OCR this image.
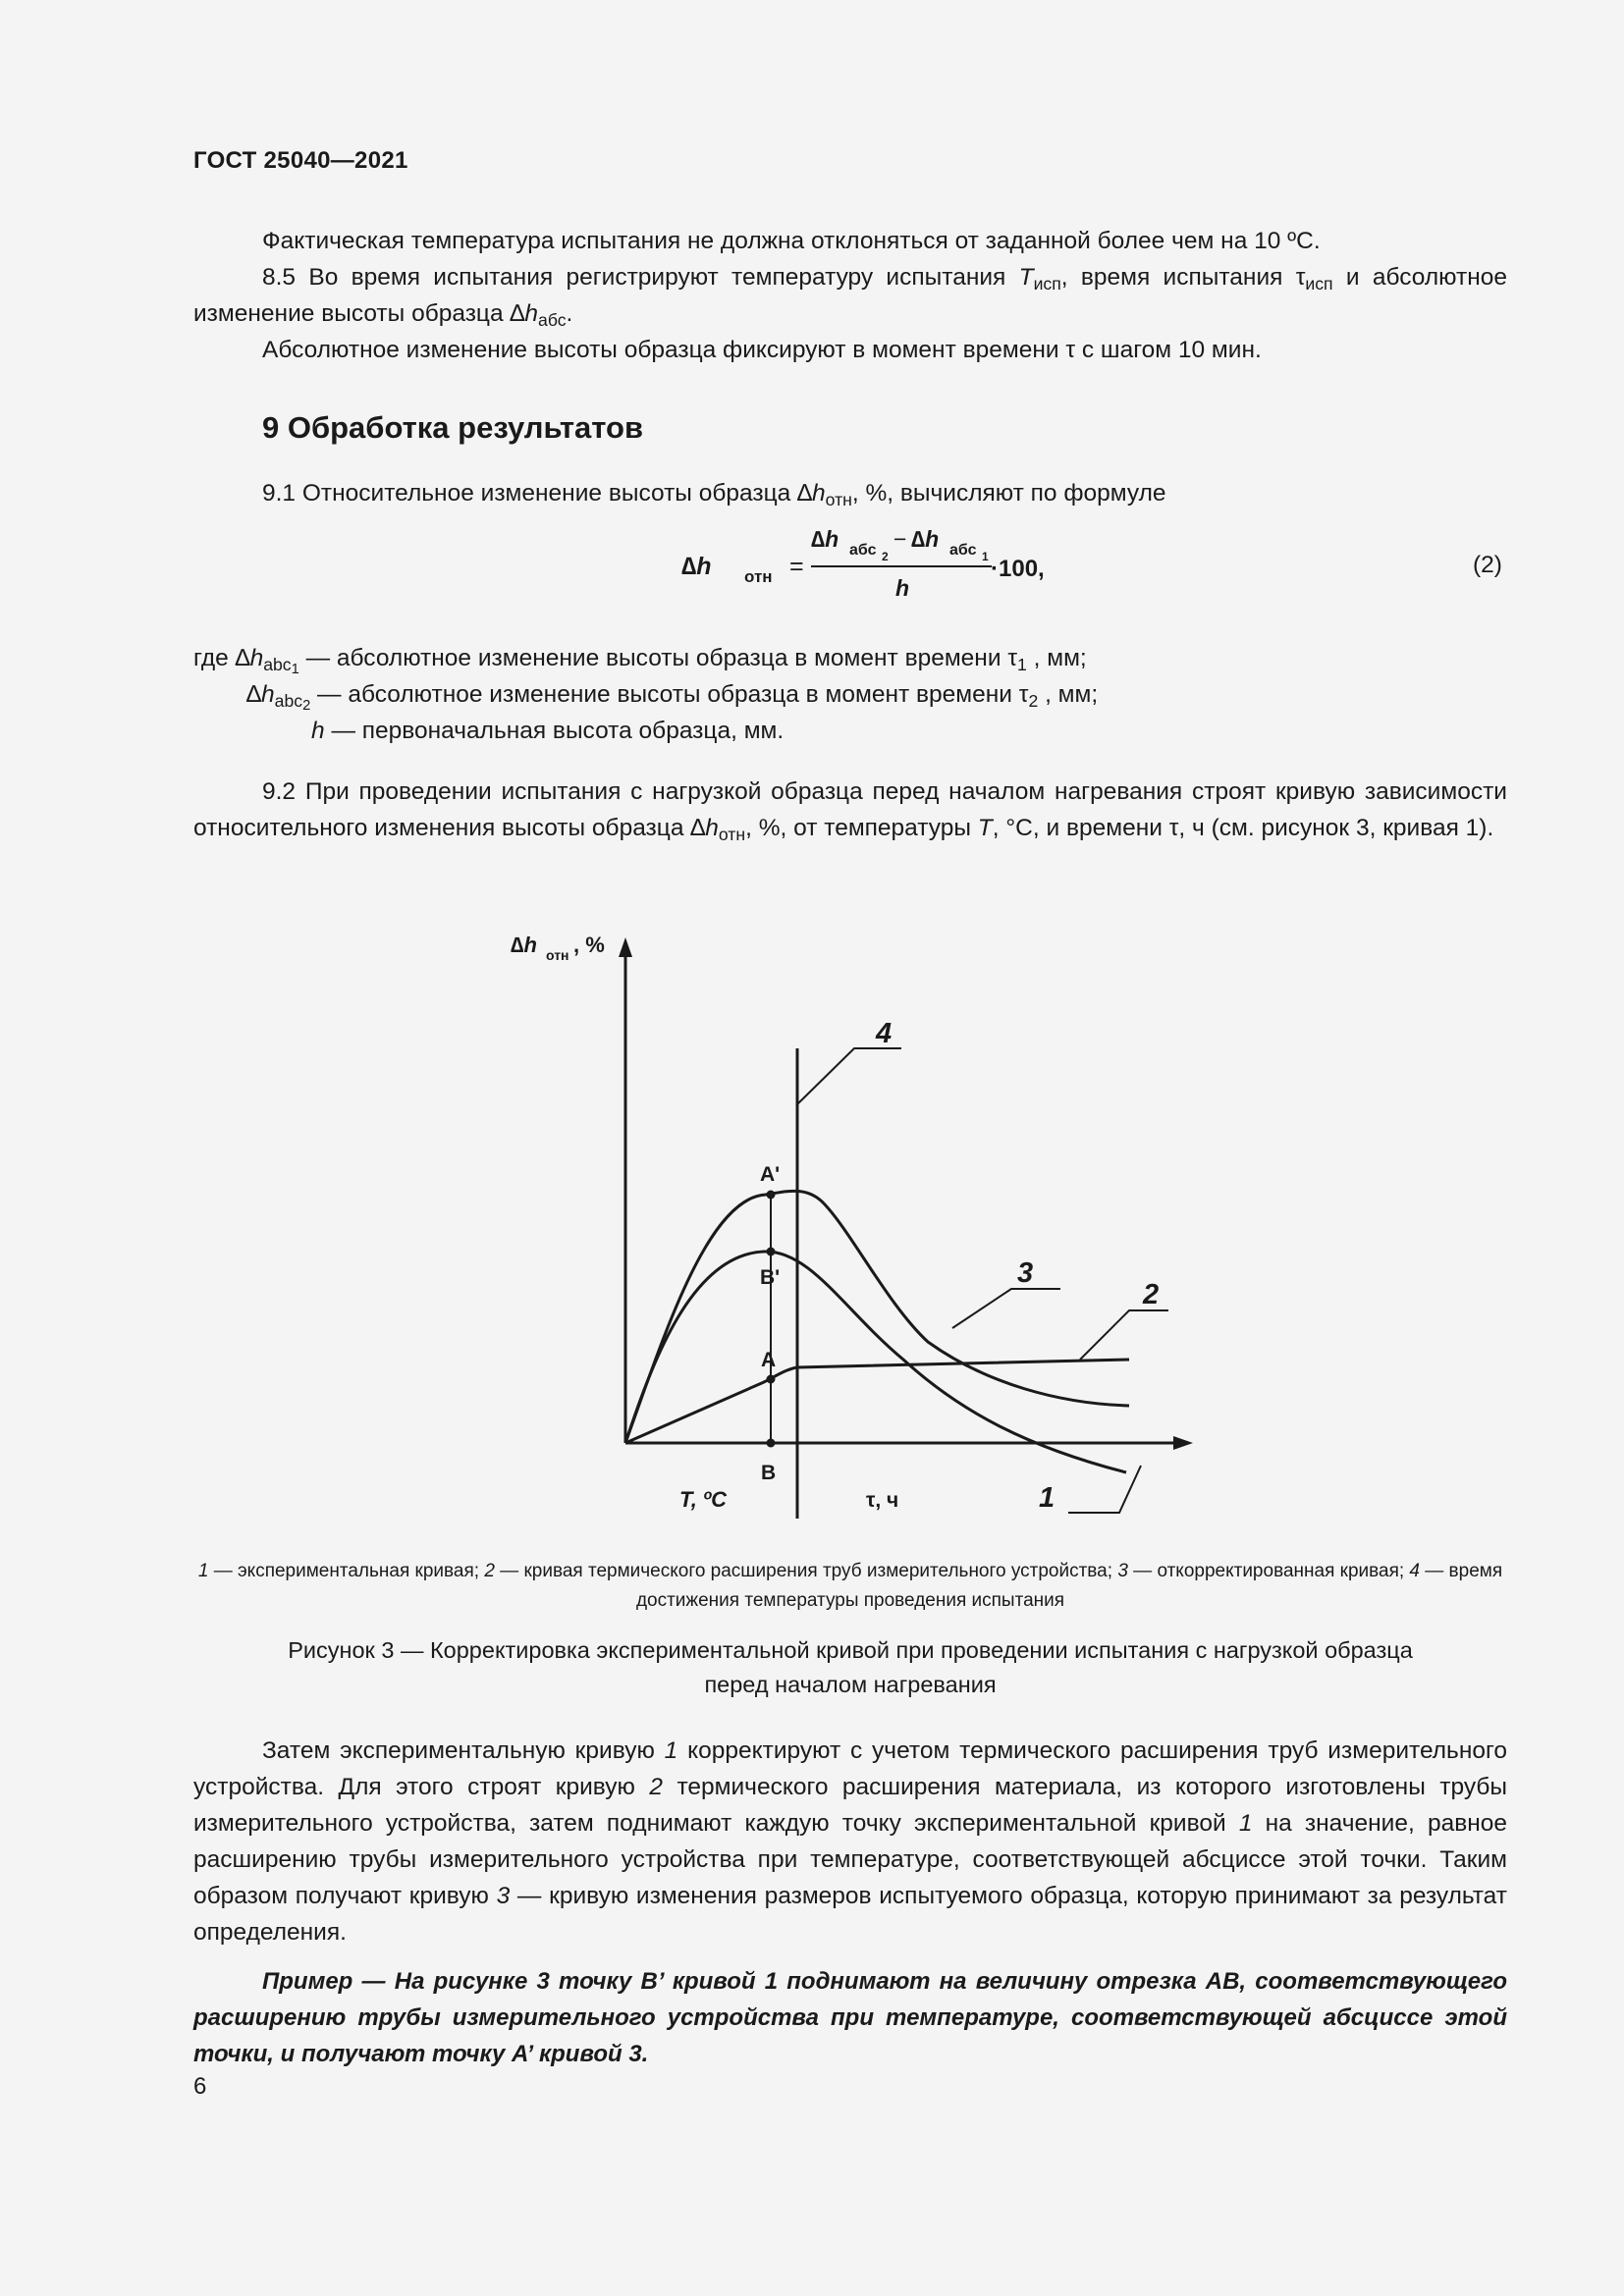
ГОСТ 25040—2021
Фактическая температура испытания не должна отклоняться от заданной более чем на 10 ºС.
8.5 Во время испытания регистрируют температуру испытания $T_{исп}$, время испытания $\tau_{исп}$ и абсолютное изменение высоты образца $\Delta h_{абс}$.
Абсолютное изменение высоты образца фиксируют в момент времени τ с шагом 10 мин.
9 Обработка результатов
9.1 Относительное изменение высоты образца $\Delta h_{отн}$, %, вычисляют по формуле
∆h отн =
∆h абс 2
− ∆h абс 1
h
·100,	(2)
где $\Delta h_{abc1}$ — абсолютное изменение высоты образца в момент времени $\tau_1$ , мм;
$\Delta h_{abc2}$ — абсолютное изменение высоты образца в момент времени $\tau_2$ , мм;
h — первоначальная высота образца, мм.
9.2 При проведении испытания с нагрузкой образца перед началом нагревания строят кривую зависимости относительного изменения высоты образца $\Delta h_{отн}$, %, от температуры T, °С, и времени τ, ч (см. рисунок 3, кривая 1).
∆h отн , %
A'
B'
A
B
T, ºС	τ, ч
4
3
2
1
1 — экспериментальная кривая; 2 — кривая термического расширения труб измерительного устройства; 3 — откорректированная кривая; 4 — время достижения температуры проведения испытания
Рисунок 3 — Корректировка экспериментальной кривой при проведении испытания с нагрузкой образца
перед началом нагревания
Затем экспериментальную кривую 1 корректируют с учетом термического расширения труб измерительного устройства. Для этого строят кривую 2 термического расширения материала, из которого изготовлены трубы измерительного устройства, затем поднимают каждую точку экспериментальной кривой 1 на значение, равное расширению трубы измерительного устройства при температуре, соответствующей абсциссе этой точки. Таким образом получают кривую 3 — кривую изменения размеров испытуемого образца, которую принимают за результат определения.
Пример — На рисунке 3 точку B’ кривой 1 поднимают на величину отрезка АВ, соответствующего расширению трубы измерительного устройства при температуре, соответствующей абсциссе этой точки, и получают точку А’ кривой 3.
6
